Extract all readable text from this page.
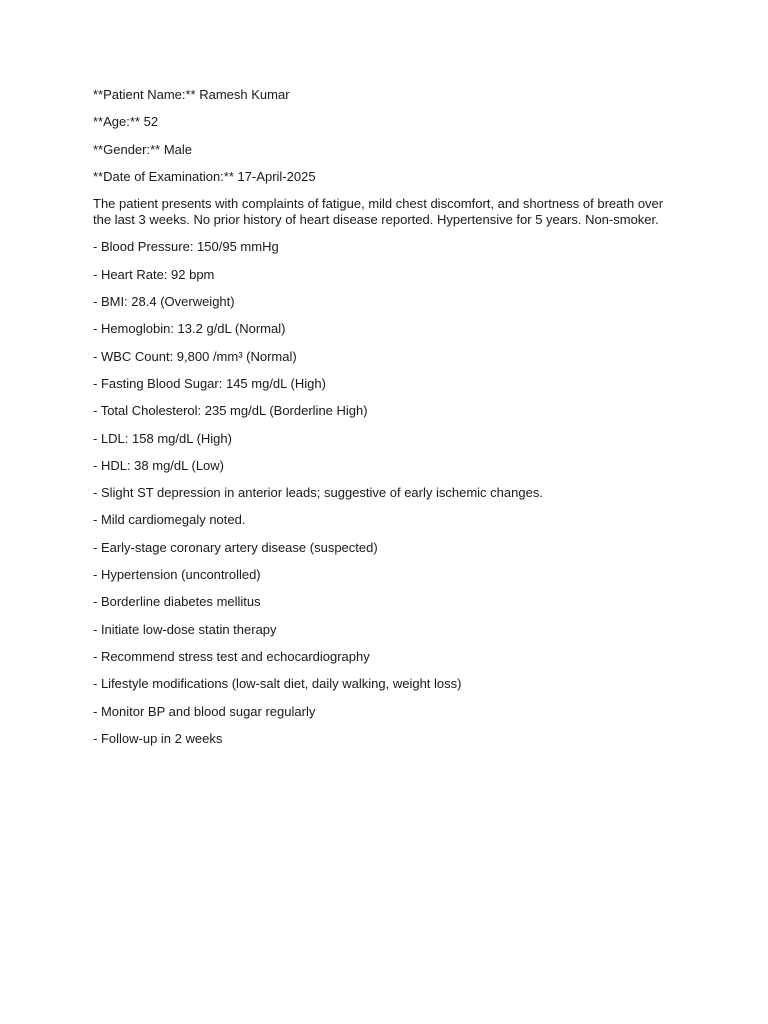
**Patient Name:** Ramesh Kumar

**Age:** 52

**Gender:** Male

**Date of Examination:** 17-April-2025

The patient presents with complaints of fatigue, mild chest discomfort, and shortness of breath over the last 3 weeks. No prior history of heart disease reported. Hypertensive for 5 years. Non-smoker.

- Blood Pressure: 150/95 mmHg

- Heart Rate: 92 bpm

- BMI: 28.4 (Overweight)

- Hemoglobin: 13.2 g/dL (Normal)

- WBC Count: 9,800 /mm³ (Normal)

- Fasting Blood Sugar: 145 mg/dL (High)

- Total Cholesterol: 235 mg/dL (Borderline High)

- LDL: 158 mg/dL (High)

- HDL: 38 mg/dL (Low)

- Slight ST depression in anterior leads; suggestive of early ischemic changes.

- Mild cardiomegaly noted.

- Early-stage coronary artery disease (suspected)

- Hypertension (uncontrolled)

- Borderline diabetes mellitus

- Initiate low-dose statin therapy

- Recommend stress test and echocardiography

- Lifestyle modifications (low-salt diet, daily walking, weight loss)

- Monitor BP and blood sugar regularly

- Follow-up in 2 weeks
